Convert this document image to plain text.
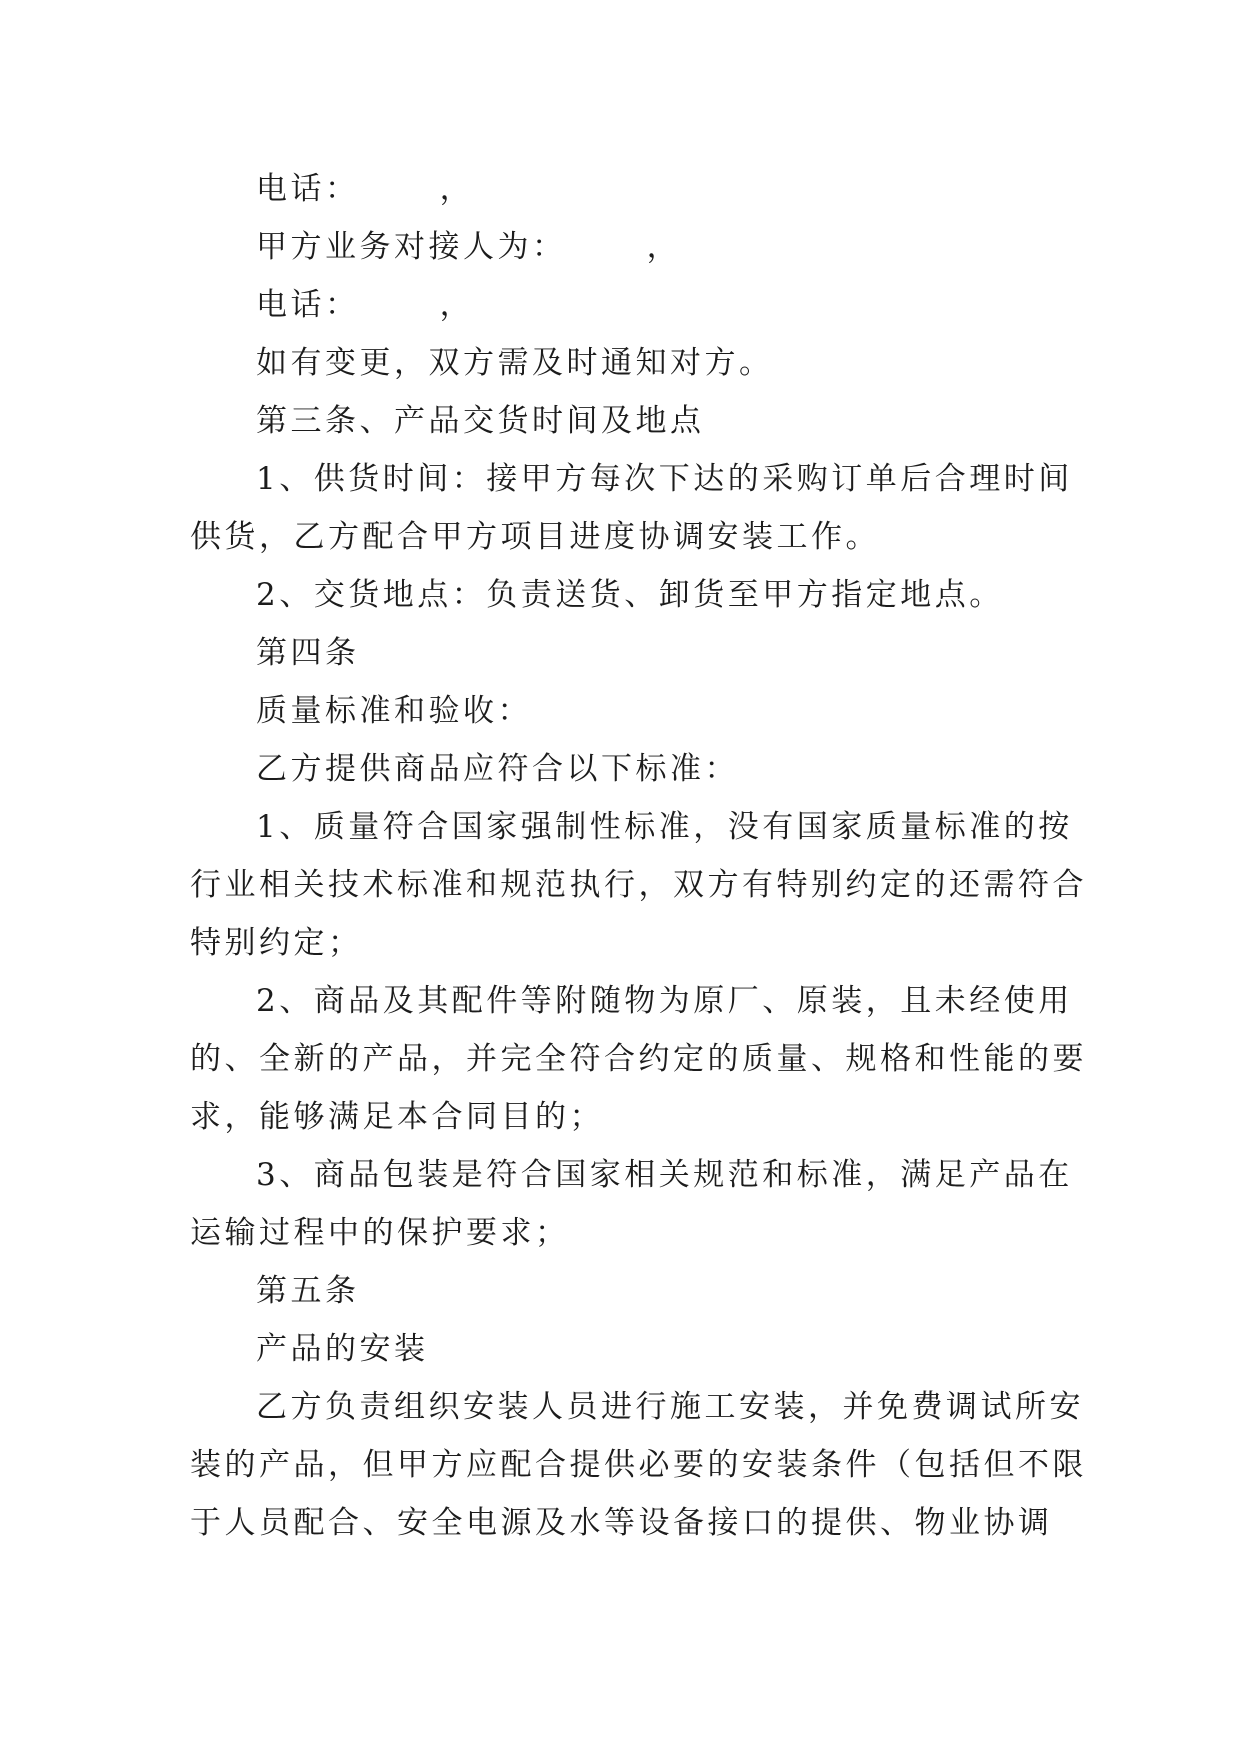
电话：      ，

甲方业务对接人为：      ，

电话：      ，

如有变更，双方需及时通知对方。

第三条、产品交货时间及地点

1、供货时间：接甲方每次下达的采购订单后合理时间

供货，乙方配合甲方项目进度协调安装工作。

2、交货地点：负责送货、卸货至甲方指定地点。

第四条

质量标准和验收：

乙方提供商品应符合以下标准：

1、质量符合国家强制性标准，没有国家质量标准的按

行业相关技术标准和规范执行，双方有特别约定的还需符合

特别约定；

2、商品及其配件等附随物为原厂、原装，且未经使用

的、全新的产品，并完全符合约定的质量、规格和性能的要

求，能够满足本合同目的；

3、商品包装是符合国家相关规范和标准，满足产品在

运输过程中的保护要求；

第五条

产品的安装

乙方负责组织安装人员进行施工安装，并免费调试所安

装的产品，但甲方应配合提供必要的安装条件（包括但不限

于人员配合、安全电源及水等设备接口的提供、物业协调
